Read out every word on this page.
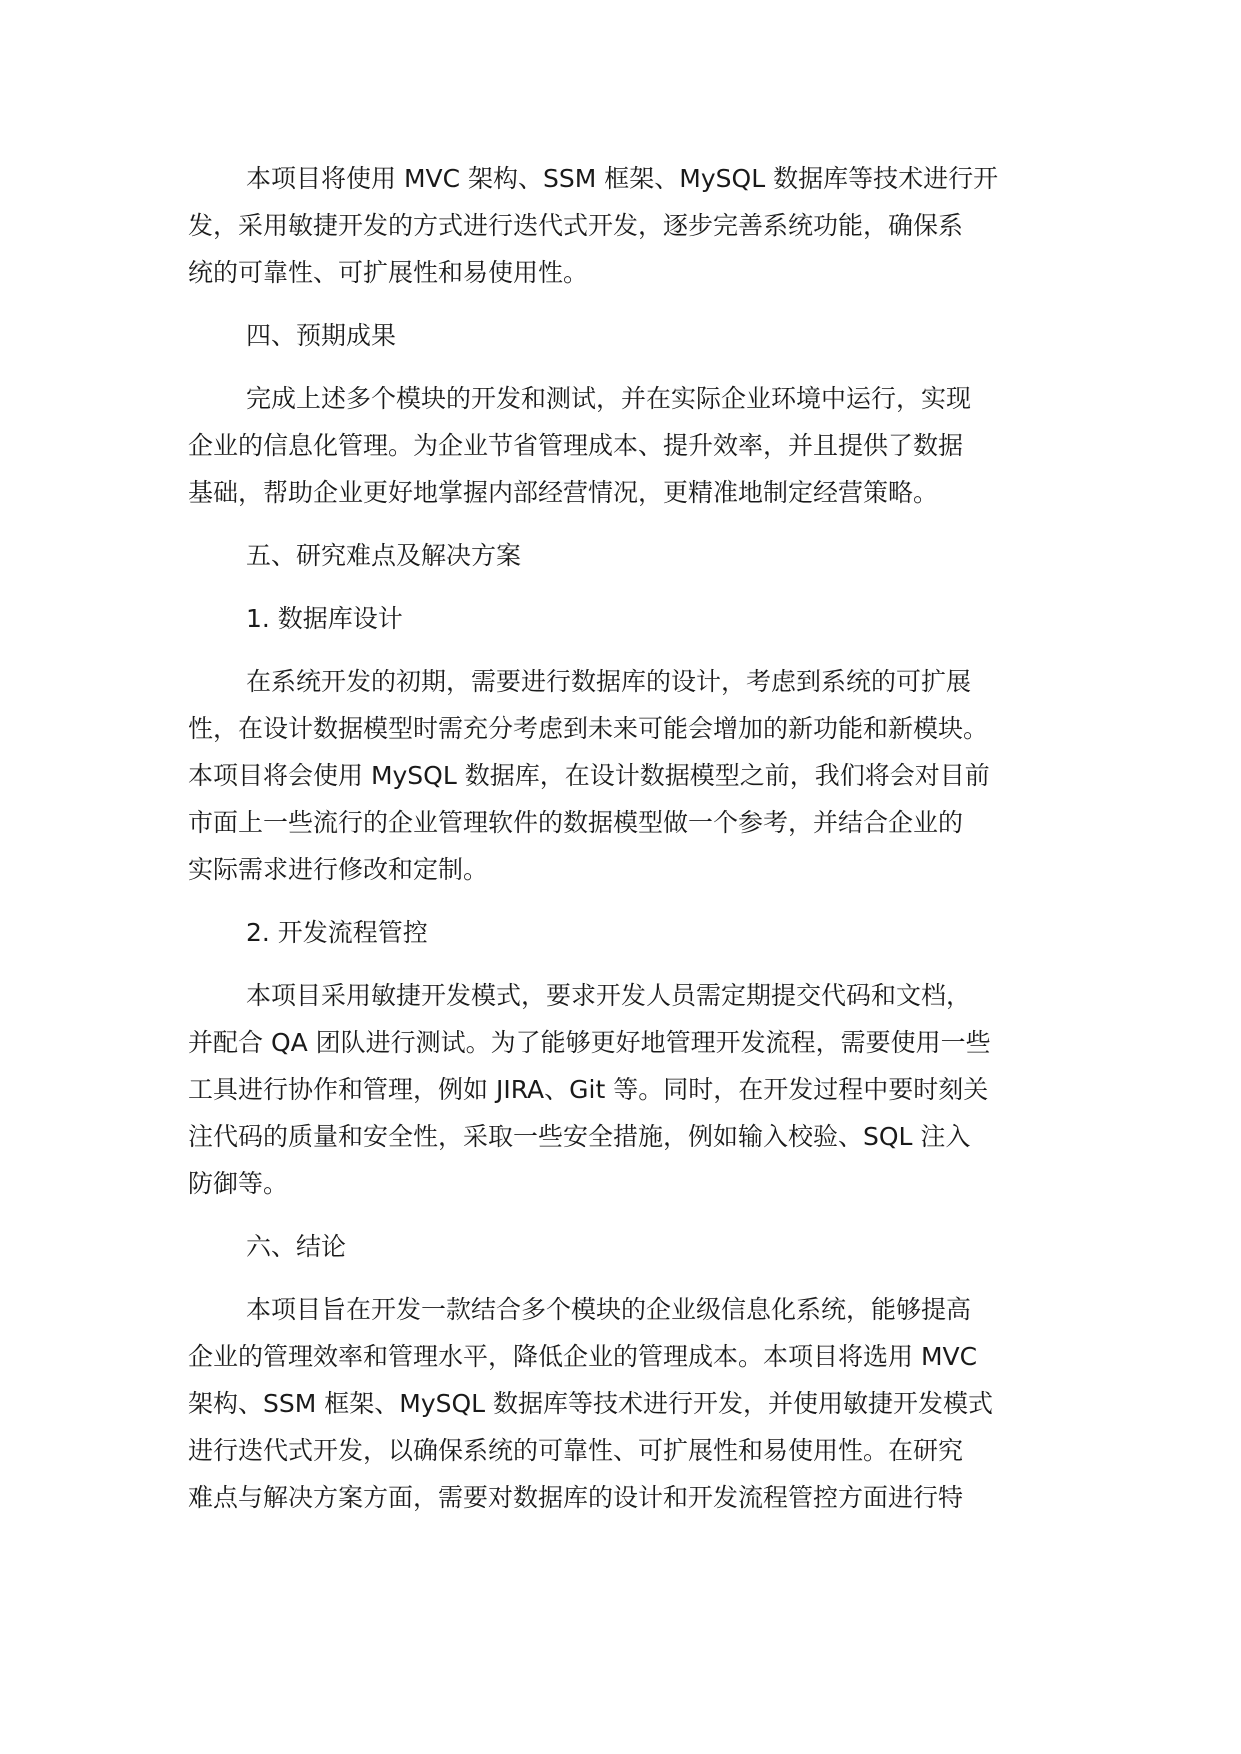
本项目将使用 MVC 架构、SSM 框架、MySQL 数据库等技术进行开
发，采用敏捷开发的方式进行迭代式开发，逐步完善系统功能，确保系
统的可靠性、可扩展性和易使用性。
四、预期成果
完成上述多个模块的开发和测试，并在实际企业环境中运行，实现
企业的信息化管理。为企业节省管理成本、提升效率，并且提供了数据
基础，帮助企业更好地掌握内部经营情况，更精准地制定经营策略。
五、研究难点及解决方案
1. 数据库设计
在系统开发的初期，需要进行数据库的设计，考虑到系统的可扩展
性，在设计数据模型时需充分考虑到未来可能会增加的新功能和新模块。
本项目将会使用 MySQL 数据库，在设计数据模型之前，我们将会对目前
市面上一些流行的企业管理软件的数据模型做一个参考，并结合企业的
实际需求进行修改和定制。
2. 开发流程管控
本项目采用敏捷开发模式，要求开发人员需定期提交代码和文档，
并配合 QA 团队进行测试。为了能够更好地管理开发流程，需要使用一些
工具进行协作和管理，例如 JIRA、Git 等。同时，在开发过程中要时刻关
注代码的质量和安全性，采取一些安全措施，例如输入校验、SQL 注入
防御等。
六、结论
本项目旨在开发一款结合多个模块的企业级信息化系统，能够提高
企业的管理效率和管理水平，降低企业的管理成本。本项目将选用 MVC
架构、SSM 框架、MySQL 数据库等技术进行开发，并使用敏捷开发模式
进行迭代式开发，以确保系统的可靠性、可扩展性和易使用性。在研究
难点与解决方案方面，需要对数据库的设计和开发流程管控方面进行特
